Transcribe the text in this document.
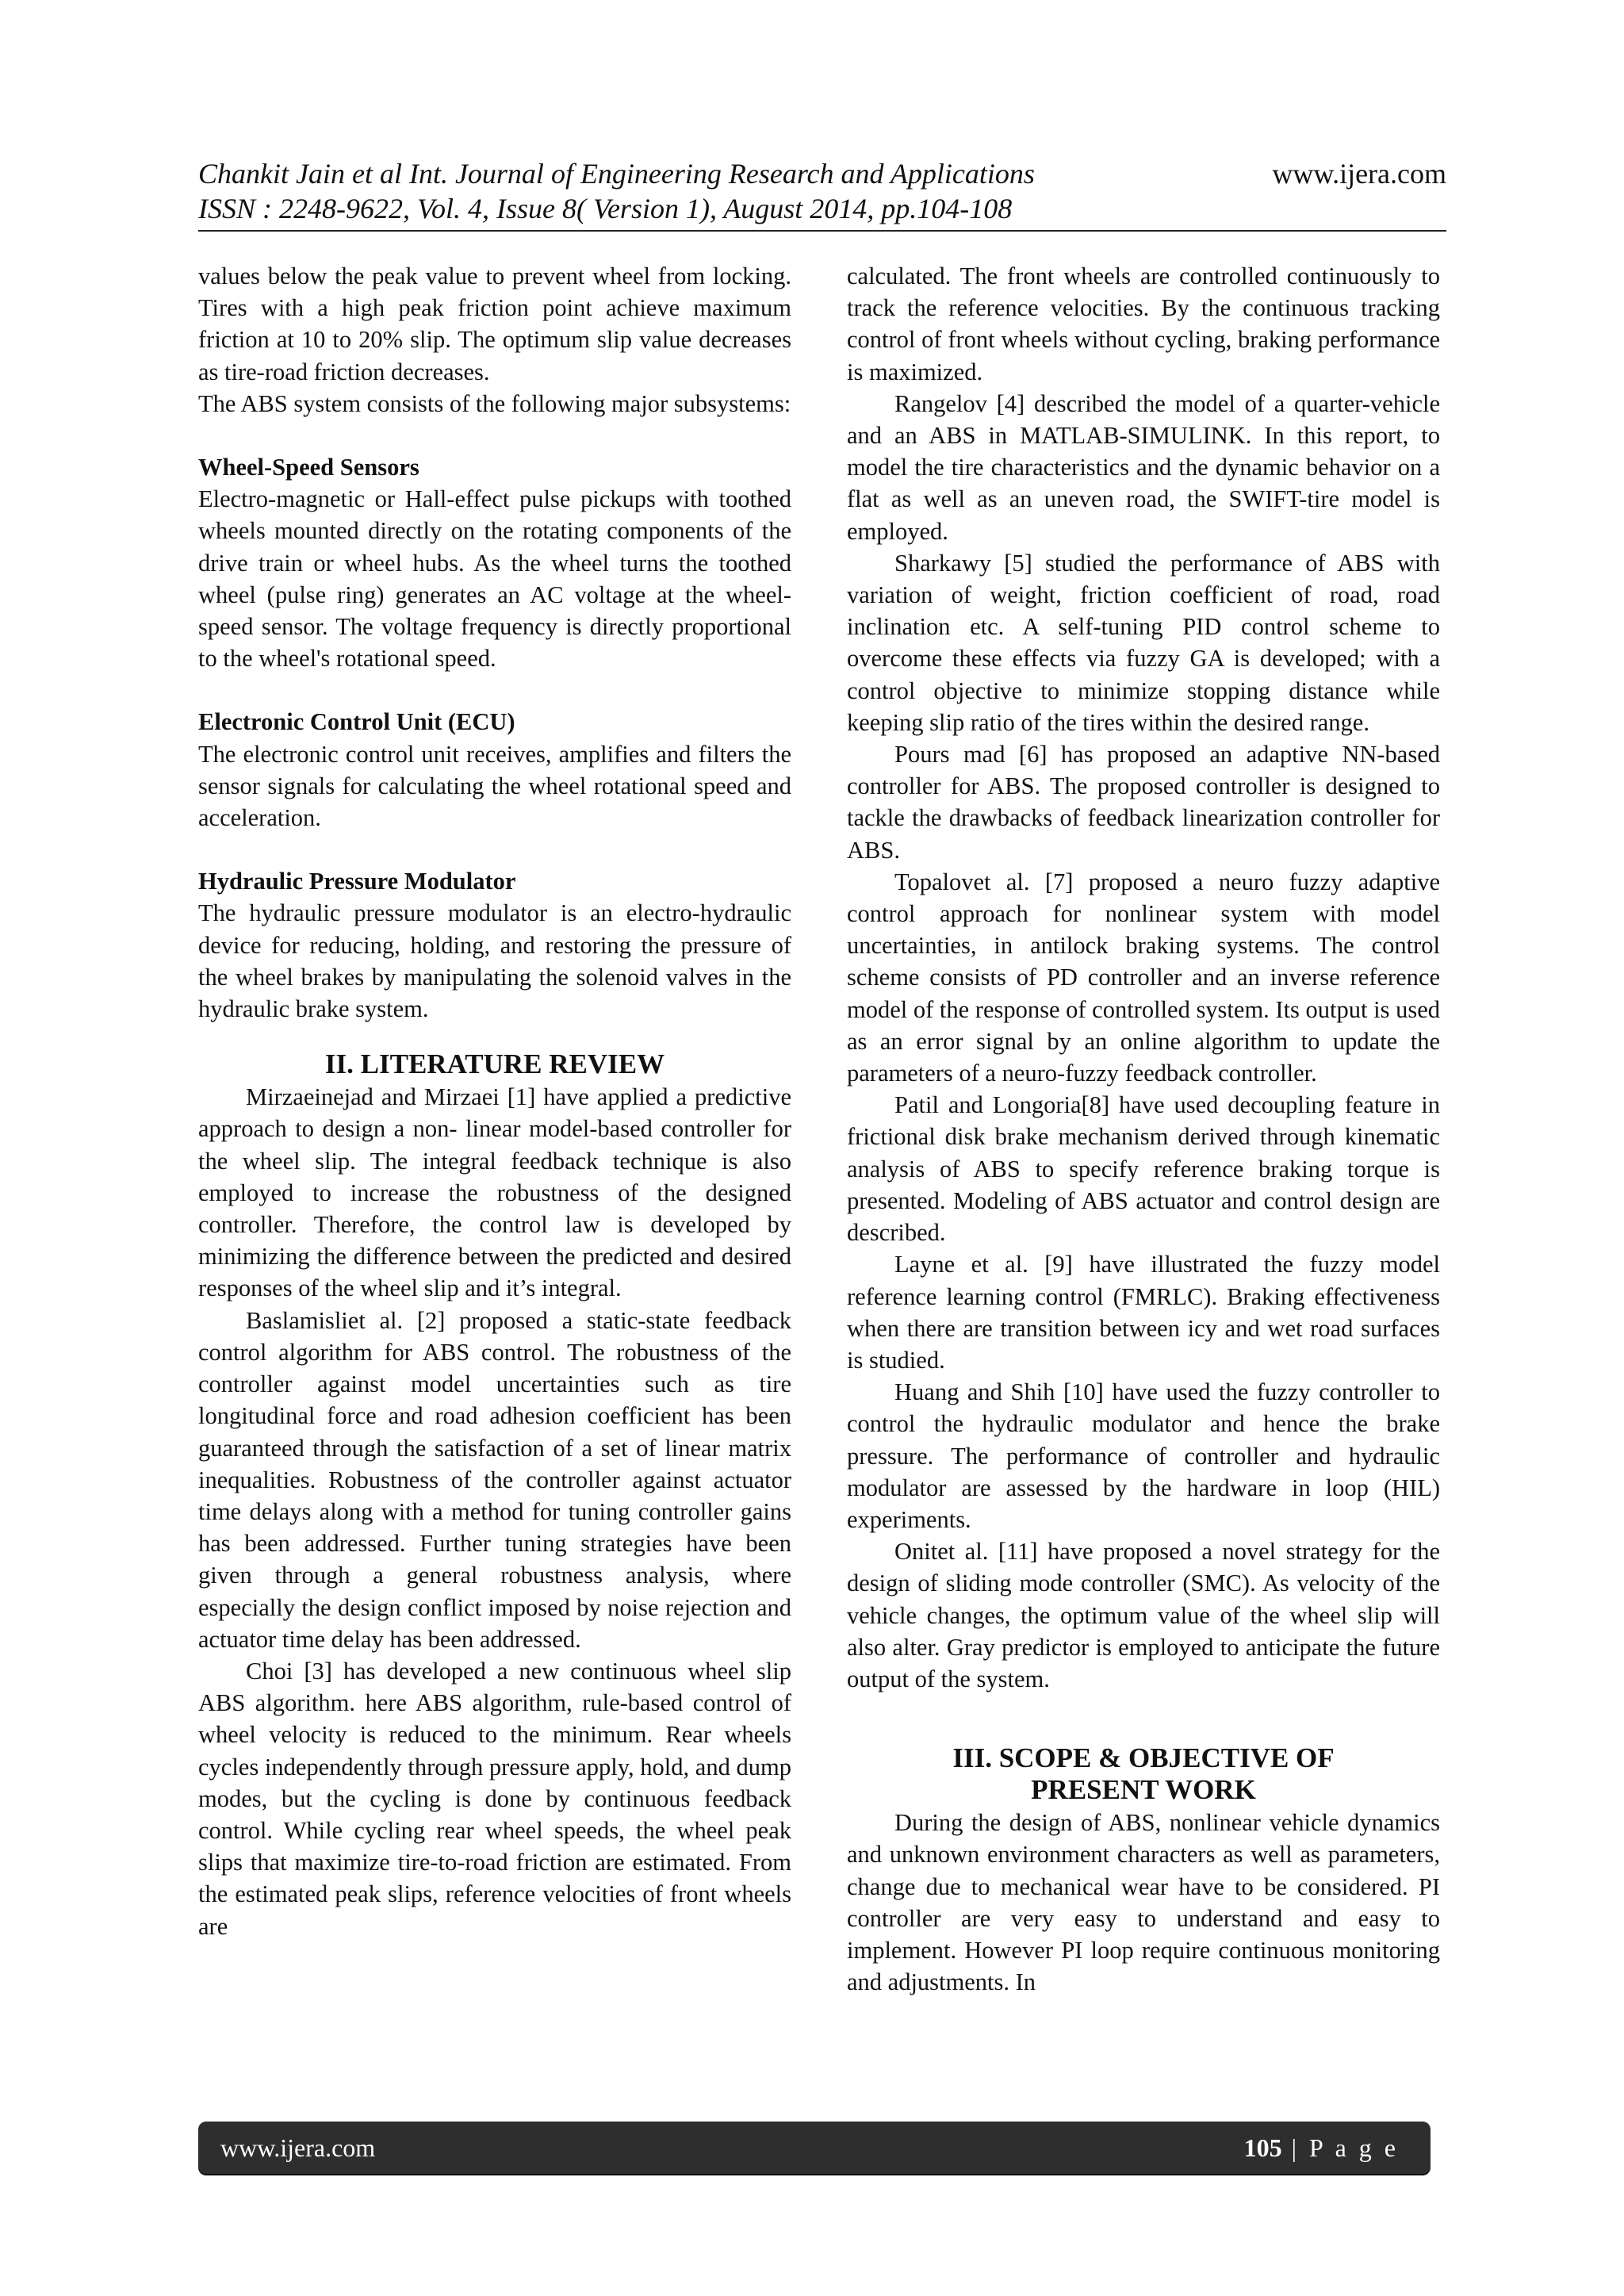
Chankit Jain et al Int. Journal of Engineering Research and Applications
ISSN : 2248-9622, Vol. 4, Issue 8( Version 1), August 2014, pp.104-108
www.ijera.com

values below the peak value to prevent wheel from locking. Tires with a high peak friction point achieve maximum friction at 10 to 20% slip. The optimum slip value decreases as tire-road friction decreases.

The ABS system consists of the following major subsystems:

Wheel-Speed Sensors

Electro-magnetic or Hall-effect pulse pickups with toothed wheels mounted directly on the rotating components of the drive train or wheel hubs. As the wheel turns the toothed wheel (pulse ring) generates an AC voltage at the wheel-speed sensor. The voltage frequency is directly proportional to the wheel's rotational speed.

Electronic Control Unit (ECU)

The electronic control unit receives, amplifies and filters the sensor signals for calculating the wheel rotational speed and acceleration.

Hydraulic Pressure Modulator

The hydraulic pressure modulator is an electro-hydraulic device for reducing, holding, and restoring the pressure of the wheel brakes by manipulating the solenoid valves in the hydraulic brake system.

II. LITERATURE REVIEW

Mirzaeinejad and Mirzaei [1] have applied a predictive approach to design a non- linear model-based controller for the wheel slip. The integral feedback technique is also employed to increase the robustness of the designed controller. Therefore, the control law is developed by minimizing the difference between the predicted and desired responses of the wheel slip and it’s integral.

Baslamisliet al. [2] proposed a static-state feedback control algorithm for ABS control. The robustness of the controller against model uncertainties such as tire longitudinal force and road adhesion coefficient has been guaranteed through the satisfaction of a set of linear matrix inequalities. Robustness of the controller against actuator time delays along with a method for tuning controller gains has been addressed. Further tuning strategies have been given through a general robustness analysis, where especially the design conflict imposed by noise rejection and actuator time delay has been addressed.

Choi [3] has developed a new continuous wheel slip ABS algorithm. here ABS algorithm, rule-based control of wheel velocity is reduced to the minimum. Rear wheels cycles independently through pressure apply, hold, and dump modes, but the cycling is done by continuous feedback control. While cycling rear wheel speeds, the wheel peak slips that maximize tire-to-road friction are estimated. From the estimated peak slips, reference velocities of front wheels are

calculated. The front wheels are controlled continuously to track the reference velocities. By the continuous tracking control of front wheels without cycling, braking performance is maximized.

Rangelov [4] described the model of a quarter-vehicle and an ABS in MATLAB-SIMULINK. In this report, to model the tire characteristics and the dynamic behavior on a flat as well as an uneven road, the SWIFT-tire model is employed.

Sharkawy [5] studied the performance of ABS with variation of weight, friction coefficient of road, road inclination etc. A self-tuning PID control scheme to overcome these effects via fuzzy GA is developed; with a control objective to minimize stopping distance while keeping slip ratio of the tires within the desired range.

Pours mad [6] has proposed an adaptive NN-based controller for ABS. The proposed controller is designed to tackle the drawbacks of feedback linearization controller for ABS.

Topalovet al. [7] proposed a neuro fuzzy adaptive control approach for nonlinear system with model uncertainties, in antilock braking systems. The control scheme consists of PD controller and an inverse reference model of the response of controlled system. Its output is used as an error signal by an online algorithm to update the parameters of a neuro-fuzzy feedback controller.

Patil and Longoria[8] have used decoupling feature in frictional disk brake mechanism derived through kinematic analysis of ABS to specify reference braking torque is presented. Modeling of ABS actuator and control design are described.

Layne et al. [9] have illustrated the fuzzy model reference learning control (FMRLC). Braking effectiveness when there are transition between icy and wet road surfaces is studied.

Huang and Shih [10] have used the fuzzy controller to control the hydraulic modulator and hence the brake pressure. The performance of controller and hydraulic modulator are assessed by the hardware in loop (HIL) experiments.

Onitet al. [11] have proposed a novel strategy for the design of sliding mode controller (SMC). As velocity of the vehicle changes, the optimum value of the wheel slip will also alter. Gray predictor is employed to anticipate the future output of the system.

III. SCOPE & OBJECTIVE OF
PRESENT WORK

During the design of ABS, nonlinear vehicle dynamics and unknown environment characters as well as parameters, change due to mechanical wear have to be considered. PI controller are very easy to understand and easy to implement. However PI loop require continuous monitoring and adjustments. In

www.ijera.com	105 | P a g e
